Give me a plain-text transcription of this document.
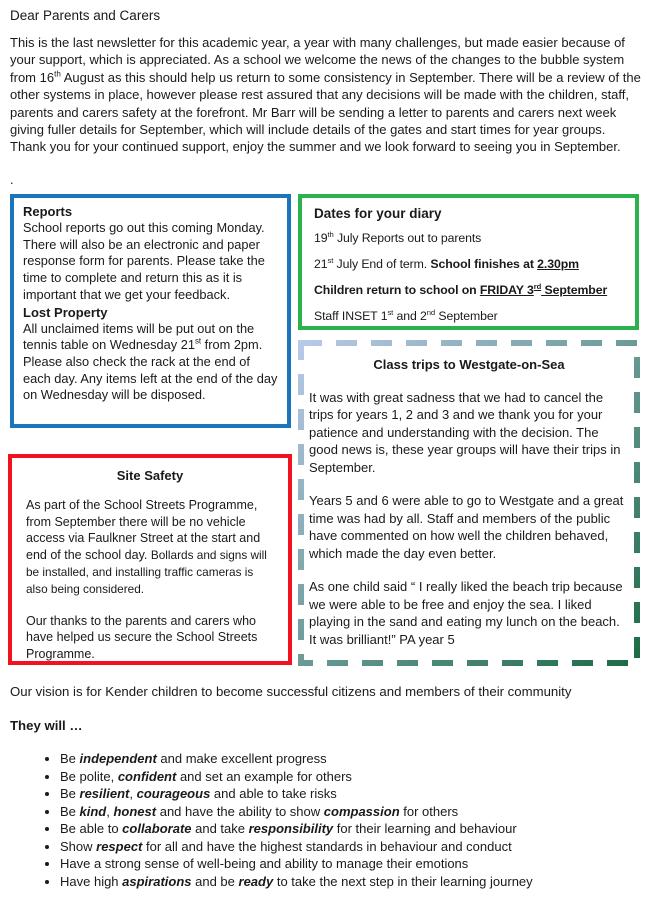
Dear Parents and Carers

This is the last newsletter for this academic year, a year with many challenges, but made easier because of your support, which is appreciated. As a school we welcome the news of the changes to the bubble system from 16th August as this should help us return to some consistency in September. There will be a review of the other systems in place, however please rest assured that any decisions will be made with the children, staff, parents and carers safety at the forefront. Mr Barr will be sending a letter to parents and carers next week giving fuller details for September, which will include details of the gates and start times for year groups. Thank you for your continued support, enjoy the summer and we look forward to seeing you in September.

.

Reports

School reports go out this coming Monday. There will also be an electronic and paper response form for parents. Please take the time to complete and return this as it is important that we get your feedback.

Lost Property

All unclaimed items will be put out on the tennis table on Wednesday 21st from 2pm. Please also check the rack at the end of each day. Any items left at the end of the day on Wednesday will be disposed.

Dates for your diary

19th July Reports out to parents

21st July End of term. School finishes at 2.30pm

Children return to school on FRIDAY 3rd September

Staff INSET 1st and 2nd September

Class trips to Westgate-on-Sea

It was with great sadness that we had to cancel the trips for years 1, 2 and 3 and we thank you for your patience and understanding with the decision. The good news is, these year groups will have their trips in September.

Years 5 and 6 were able to go to Westgate and a great time was had by all. Staff and members of the public have commented on how well the children behaved, which made the day even better.

As one child said “ I really liked the beach trip because we were able to be free and enjoy the sea. I liked playing in the sand and eating my lunch on the beach. It was brilliant!” PA year 5

Site Safety

As part of the School Streets Programme, from September there will be no vehicle access via Faulkner Street at the start and end of the school day. Bollards and signs will be installed, and installing traffic cameras is also being considered.

Our thanks to the parents and carers who have helped us secure the School Streets Programme.

Our vision is for Kender children to become successful citizens and members of their community

They will …

• Be independent and make excellent progress
• Be polite, confident and set an example for others
• Be resilient, courageous and able to take risks
• Be kind, honest and have the ability to show compassion for others
• Be able to collaborate and take responsibility for their learning and behaviour
• Show respect for all and have the highest standards in behaviour and conduct
• Have a strong sense of well-being and ability to manage their emotions
• Have high aspirations and be ready to take the next step in their learning journey
